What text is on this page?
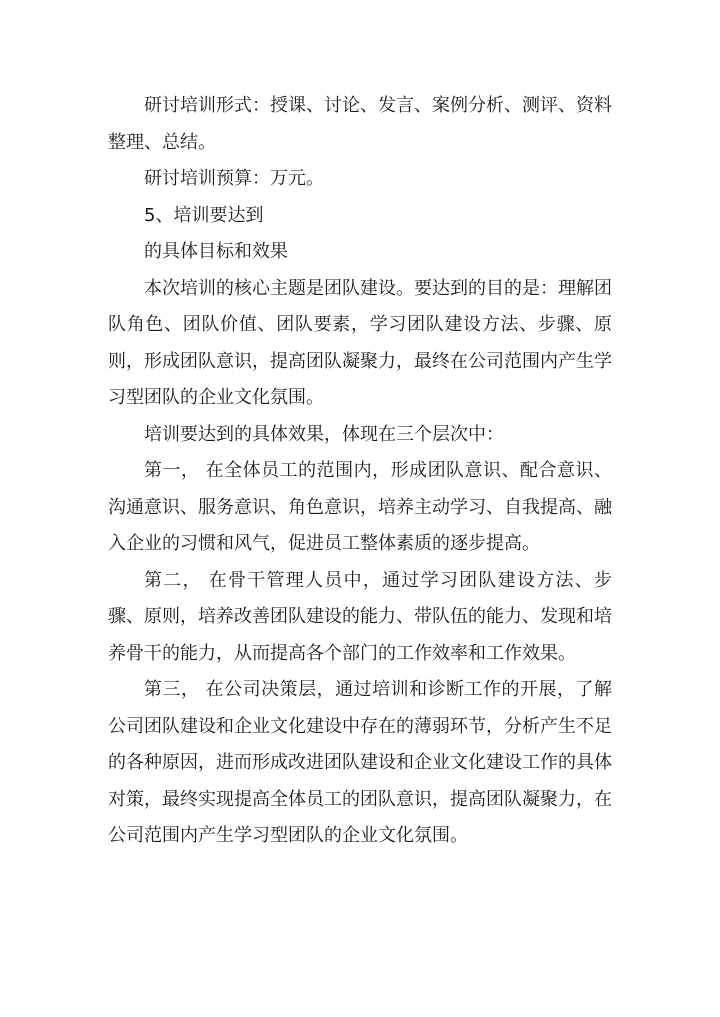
研讨培训形式：授课、讨论、发言、案例分析、测评、资料整理、总结。

研讨培训预算：万元。

5、培训要达到

的具体目标和效果

本次培训的核心主题是团队建设。要达到的目的是：理解团队角色、团队价值、团队要素，学习团队建设方法、步骤、原则，形成团队意识，提高团队凝聚力，最终在公司范围内产生学习型团队的企业文化氛围。

培训要达到的具体效果，体现在三个层次中：

第一， 在全体员工的范围内，形成团队意识、配合意识、沟通意识、服务意识、角色意识，培养主动学习、自我提高、融入企业的习惯和风气，促进员工整体素质的逐步提高。

第二， 在骨干管理人员中，通过学习团队建设方法、步骤、原则，培养改善团队建设的能力、带队伍的能力、发现和培养骨干的能力，从而提高各个部门的工作效率和工作效果。

第三， 在公司决策层，通过培训和诊断工作的开展，了解公司团队建设和企业文化建设中存在的薄弱环节，分析产生不足的各种原因，进而形成改进团队建设和企业文化建设工作的具体对策，最终实现提高全体员工的团队意识，提高团队凝聚力，在公司范围内产生学习型团队的企业文化氛围。
